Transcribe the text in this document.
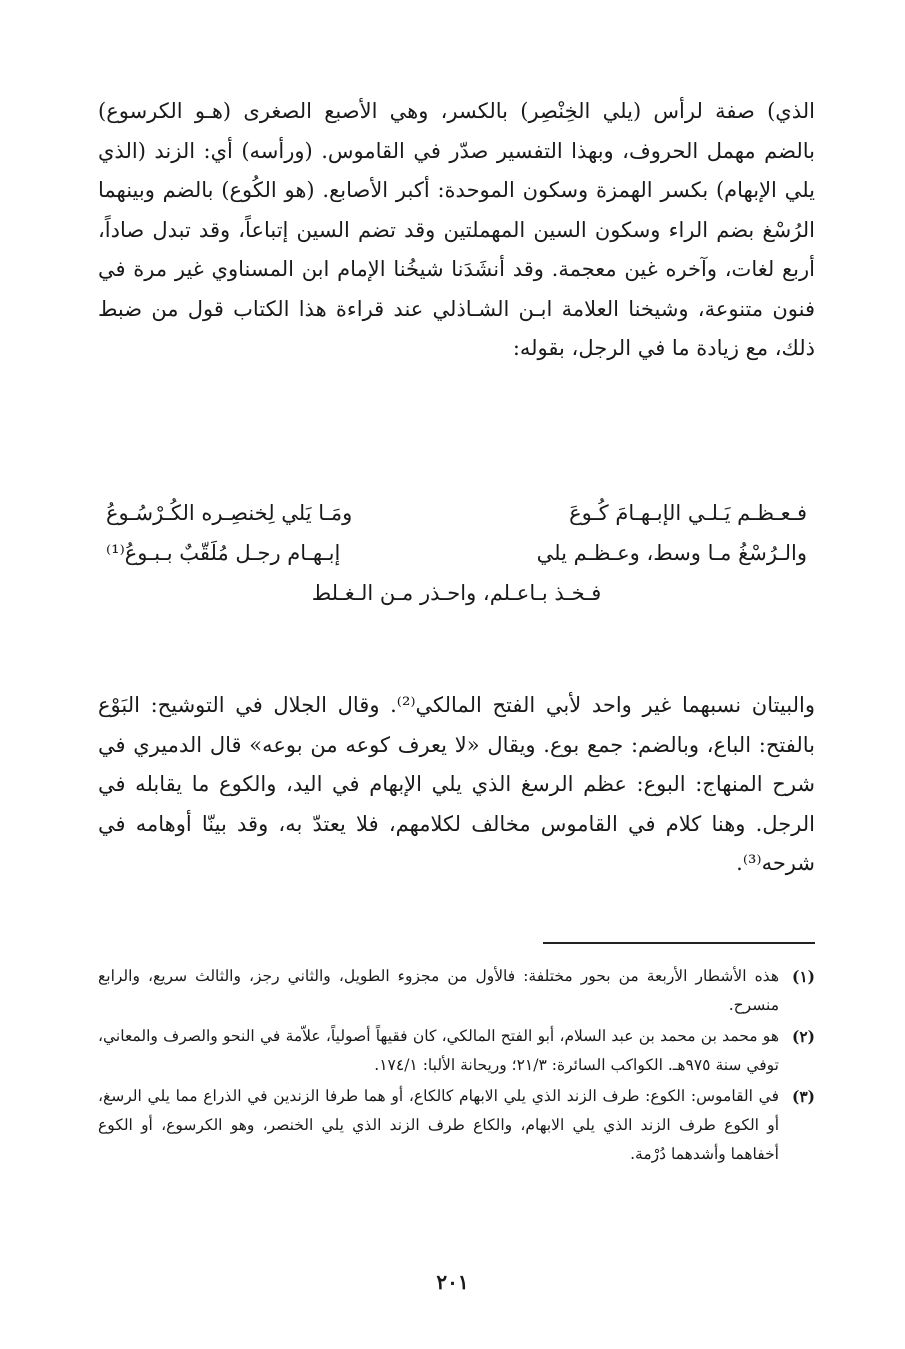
الذي) صفة لرأس (يلي الخِنْصِر) بالكسر، وهي الأصبع الصغرى (هـو الكرسوع) بالضم مهمل الحروف، وبهذا التفسير صدّر في القاموس. (ورأسه) أي: الزند (الذي يلي الإبهام) بكسر الهمزة وسكون الموحدة: أكبر الأصابع. (هو الكُوع) بالضم وبينهما الرُسْغ بضم الراء وسكون السين المهملتين وقد تضم السين إتباعاً، وقد تبدل صاداً، أربع لغات، وآخره غين معجمة. وقد أنشَدَنا شيخُنا الإمام ابن المسناوي غير مرة في فنون متنوعة، وشيخنا العلامة ابـن الشـاذلي عند قراءة هذا الكتاب قول من ضبط ذلك، مع زيادة ما في الرجل، بقوله:

فـعـظـم يَـلـي الإبـهـامَ كُـوعَ
ومَـا يَلي لِخنصِـره الكُـرْسُـوعُ
والـرُسْغُ مـا وسط، وعـظـم يلي
إبـهـام رجـل مُلَقّبٌ بـبـوعُ⁽¹⁾
فـخـذ بـاعـلم، واحـذر مـن الـغـلط

والبيتان نسبهما غير واحد لأبي الفتح المالكي⁽²⁾. وقال الجلال في التوشيح: البَوْع بالفتح: الباع، وبالضم: جمع بوع. ويقال «لا يعرف كوعه من بوعه» قال الدميري في شرح المنهاج: البوع: عظم الرسغ الذي يلي الإبهام في اليد، والكوع ما يقابله في الرجل. وهنا كلام في القاموس مخالف لكلامهم، فلا يعتدّ به، وقد بينّا أوهامه في شرحه⁽³⁾.

(١)
هذه الأشطار الأربعة من بحور مختلفة: فالأول من مجزوء الطويل، والثاني رجز، والثالث سريع، والرابع منسرح.
(٢)
هو محمد بن محمد بن عبد السلام، أبو الفتح المالكي، كان فقيهاً أصولياً، علاّمة في النحو والصرف والمعاني، توفي سنة ٩٧٥هـ. الكواكب السائرة: ٢١/٣؛ وريحانة الألبا: ١٧٤/١.
(٣)
في القاموس: الكوع: طرف الزند الذي يلي الابهام كالكاع، أو هما طرفا الزندين في الذراع مما يلي الرسغ، أو الكوع طرف الزند الذي يلي الابهام، والكاع طرف الزند الذي يلي الخنصر، وهو الكرسوع، أو الكوع أخفاهما وأشدهما دُرْمة.
٢٠١
